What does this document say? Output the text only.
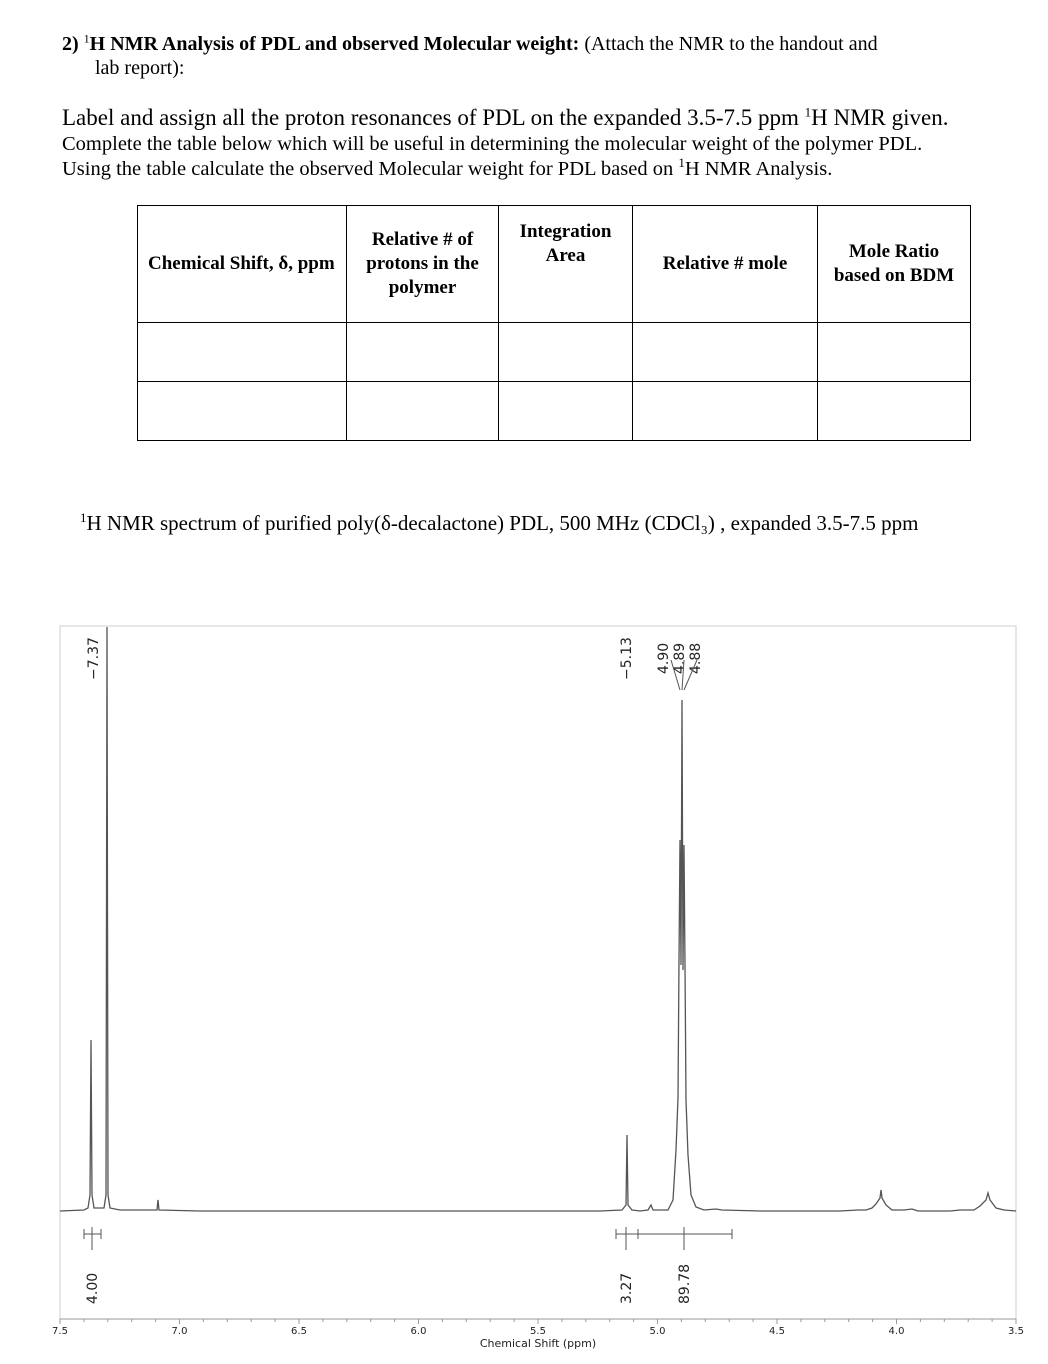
2) $^1$H NMR Analysis of PDL and observed Molecular weight: (Attach the NMR to the handout and
lab report):
Label and assign all the proton resonances of PDL on the expanded 3.5-7.5 ppm $^1$H NMR given.
Complete the table below which will be useful in determining the molecular weight of the polymer PDL.
Using the table calculate the observed Molecular weight for PDL based on $^1$H NMR Analysis.
Chemical Shift, δ, ppm	Relative # of protons in the polymer	Integration Area	Relative # mole	Mole Ratio based on BDM

$^1$H NMR spectrum of purified poly(δ-decalactone) PDL, 500 MHz (CDCl₃) , expanded 3.5-7.5 ppm
4.00	3.27	89.78
−7.37
−5.13 4.90 4.89 4.88
7.5	7.0	6.5	6.0	5.5	5.0	4.5	4.0	3.5
Chemical Shift (ppm)
